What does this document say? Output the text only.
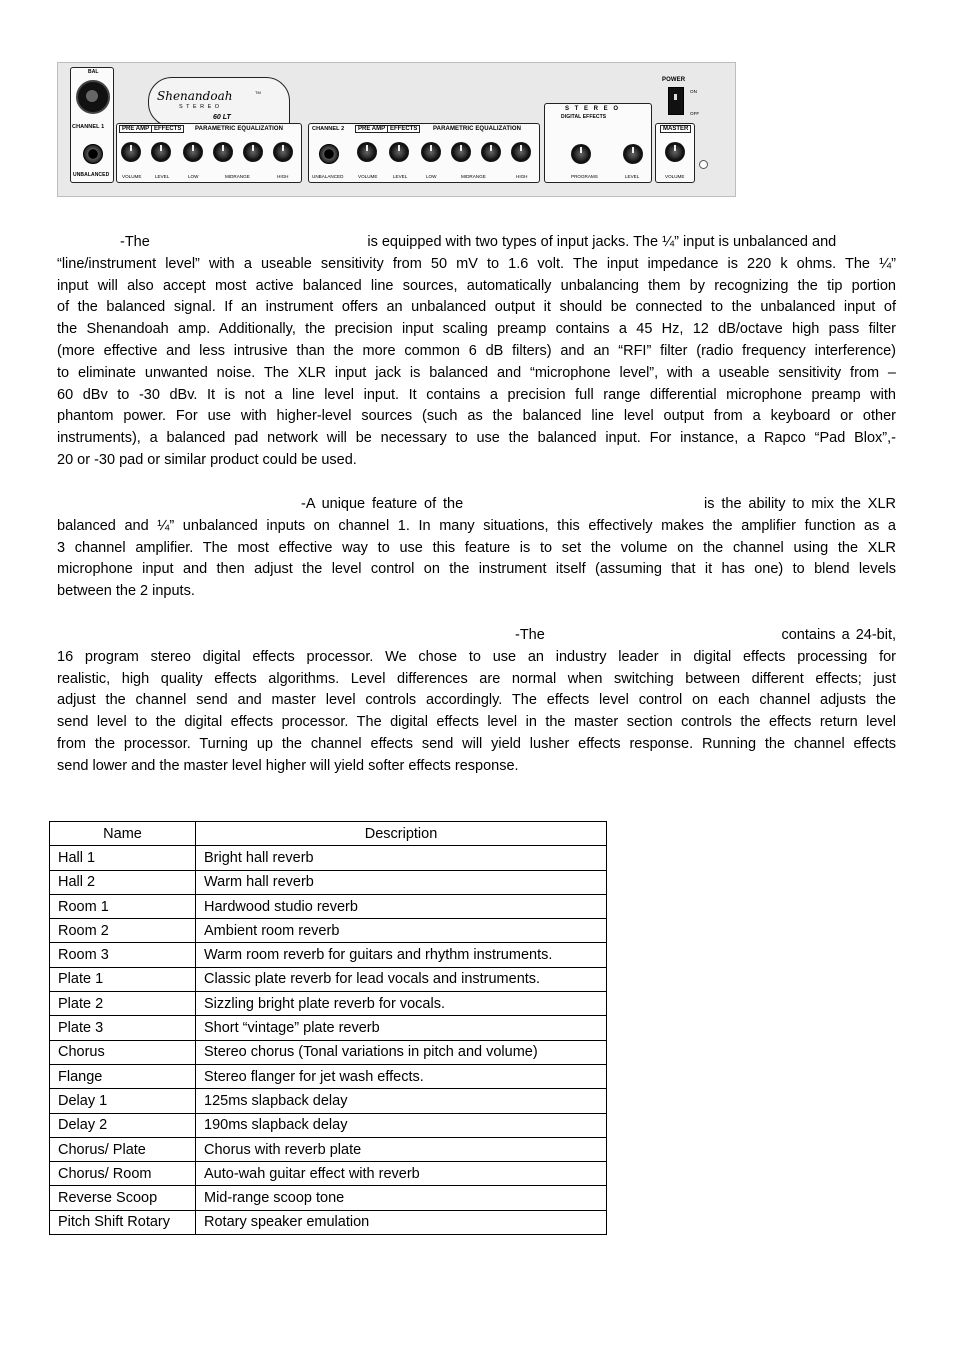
BAL
CHANNEL 1
UNBALANCED
Shenandoah	TM
S T E R E O
60 LT
PRE AMP EFFECTS	PARAMETRIC EQUALIZATION
VOLUME	LEVEL	LOW	MIDRANGE	HIGH
CHANNEL 2
UNBALANCED
PRE AMP EFFECTS	PARAMETRIC EQUALIZATION
VOLUME	LEVEL	LOW	MIDRANGE	HIGH
S T E R E O
DIGITAL EFFECTS
PROGRAMS	LEVEL
POWER
ON
OFF
MASTER
VOLUME
-The                                                      is equipped with two types of input jacks. The ¼” input is unbalanced and
“line/instrument level” with a useable sensitivity from 50 mV to 1.6 volt. The input impedance is 220 k ohms. The ¼”
input will also accept most active balanced line sources, automatically unbalancing them by recognizing the tip portion
of the balanced signal. If an instrument offers an unbalanced output it should be connected to the unbalanced input of
the Shenandoah amp. Additionally, the precision input scaling preamp contains a 45 Hz, 12 dB/octave high pass filter
(more effective and less intrusive than the more common 6 dB filters) and an “RFI” filter (radio frequency interference)
to eliminate unwanted noise. The XLR input jack is balanced and “microphone level”, with a useable sensitivity from –
60 dBv to -30 dBv. It is not a line level input. It contains a precision full range differential microphone preamp with
phantom power. For use with higher-level sources (such as the balanced line level output from a keyboard or other
instruments), a balanced pad network will be necessary to use the balanced input. For instance, a Rapco “Pad Blox”,-
20 or -30 pad or similar product could be used.
-A unique feature of the                                   is the ability to mix the XLR
balanced and ¼” unbalanced inputs on channel 1. In many situations, this effectively makes the amplifier function as a
3 channel amplifier. The most effective way to use this feature is to set the volume on the channel using the XLR
microphone input and then adjust the level control on the instrument itself (assuming that it has one) to blend levels
between the 2 inputs.
-The                                       contains a 24-bit,
16 program stereo digital effects processor. We chose to use an industry leader in digital effects processing for
realistic, high quality effects algorithms. Level differences are normal when switching between different effects; just
adjust the channel send and master level controls accordingly. The effects level control on each channel adjusts the
send level to the digital effects processor. The digital effects level in the master section controls the effects return level
from the processor. Turning up the channel effects send will yield lusher effects response. Running the channel effects
send lower and the master level higher will yield softer effects response.
Name	Description
Hall 1	Bright hall reverb
Hall 2	Warm hall reverb
Room 1	Hardwood studio reverb
Room 2	Ambient room reverb
Room 3	Warm room reverb for guitars and rhythm instruments.
Plate 1	Classic plate reverb for lead vocals and instruments.
Plate 2	Sizzling bright plate reverb for vocals.
Plate 3	Short “vintage” plate reverb
Chorus	Stereo chorus (Tonal variations in pitch and volume)
Flange	Stereo flanger for jet wash effects.
Delay 1	125ms slapback delay
Delay 2	190ms slapback delay
Chorus/ Plate	Chorus with reverb plate
Chorus/ Room	Auto-wah guitar effect with reverb
Reverse Scoop	Mid-range scoop tone
Pitch Shift Rotary	Rotary speaker emulation
